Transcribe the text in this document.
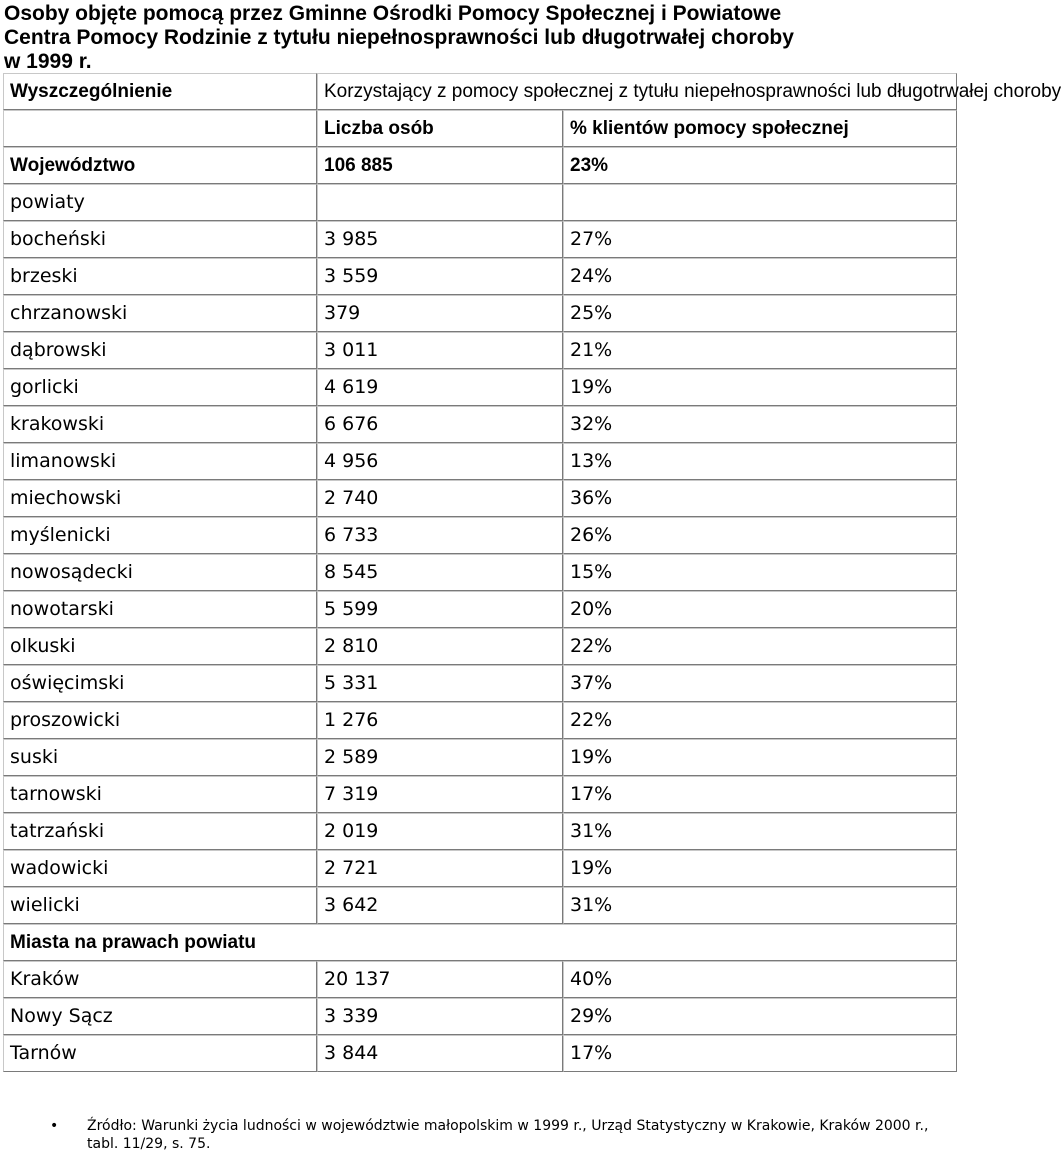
Osoby objęte pomocą przez Gminne Ośrodki Pomocy Społecznej i Powiatowe
Centra Pomocy Rodzinie z tytułu niepełnosprawności lub długotrwałej choroby
w 1999 r.
Wyszczególnienie	Korzystający z pomocy społecznej z tytułu niepełnosprawności lub długotrwałej choroby	
	Liczba osób	% klientów pomocy społecznej
Województwo	106 885	23%
powiaty		
bocheński	3 985	27%
brzeski	3 559	24%
chrzanowski	379	25%
dąbrowski	3 011	21%
gorlicki	4 619	19%
krakowski	6 676	32%
limanowski	4 956	13%
miechowski	2 740	36%
myślenicki	6 733	26%
nowosądecki	8 545	15%
nowotarski	5 599	20%
olkuski	2 810	22%
oświęcimski	5 331	37%
proszowicki	1 276	22%
suski	2 589	19%
tarnowski	7 319	17%
tatrzański	2 019	31%
wadowicki	2 721	19%
wielicki	3 642	31%
Miasta na prawach powiatu		
Kraków	20 137	40%
Nowy Sącz	3 339	29%
Tarnów	3 844	17%
• Źródło: Warunki życia ludności w województwie małopolskim w 1999 r., Urząd Statystyczny w Krakowie, Kraków 2000 r., tabl. 11/29, s. 75.
